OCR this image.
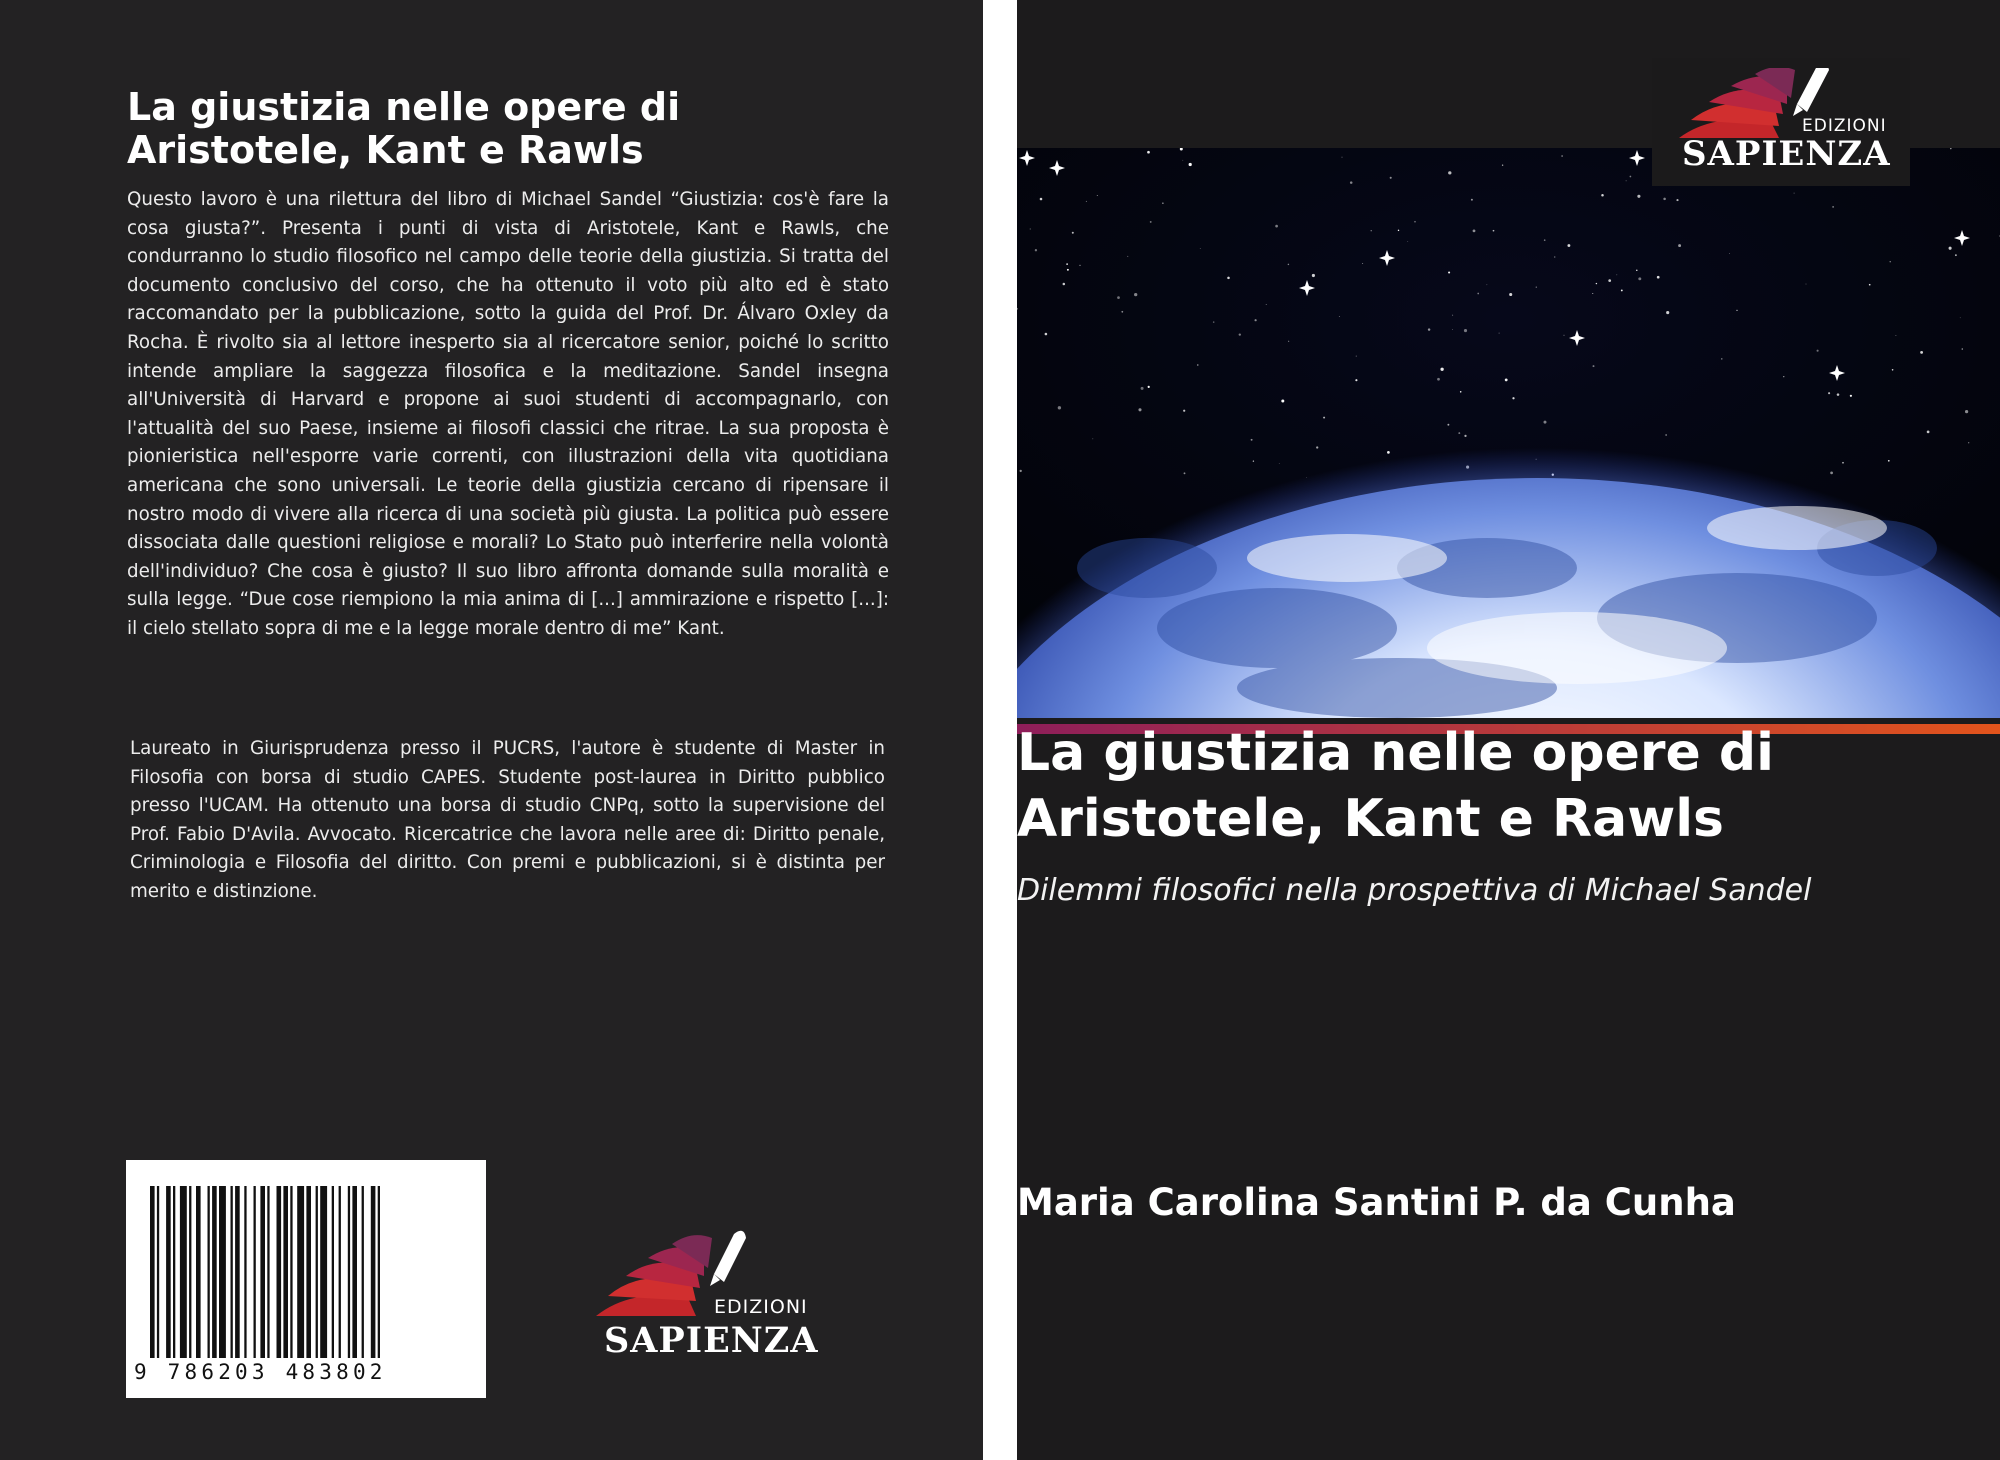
La giustizia nelle opere di Aristotele, Kant e Rawls

Questo lavoro è una rilettura del libro di Michael Sandel “Giustizia: cos'è fare la cosa giusta?”. Presenta i punti di vista di Aristotele, Kant e Rawls, che condurranno lo studio filosofico nel campo delle teorie della giustizia. Si tratta del documento conclusivo del corso, che ha ottenuto il voto più alto ed è stato raccomandato per la pubblicazione, sotto la guida del Prof. Dr. Álvaro Oxley da Rocha. È rivolto sia al lettore inesperto sia al ricercatore senior, poiché lo scritto intende ampliare la saggezza filosofica e la meditazione. Sandel insegna all'Università di Harvard e propone ai suoi studenti di accompagnarlo, con l'attualità del suo Paese, insieme ai filosofi classici che ritrae. La sua proposta è pionieristica nell'esporre varie correnti, con illustrazioni della vita quotidiana americana che sono universali. Le teorie della giustizia cercano di ripensare il nostro modo di vivere alla ricerca di una società più giusta. La politica può essere dissociata dalle questioni religiose e morali? Lo Stato può interferire nella volontà dell'individuo? Che cosa è giusto? Il suo libro affronta domande sulla moralità e sulla legge. “Due cose riempiono la mia anima di [...] ammirazione e rispetto [...]: il cielo stellato sopra di me e la legge morale dentro di me” Kant.

Laureato in Giurisprudenza presso il PUCRS, l'autore è studente di Master in Filosofia con borsa di studio CAPES. Studente post-laurea in Diritto pubblico presso l'UCAM. Ha ottenuto una borsa di studio CNPq, sotto la supervisione del Prof. Fabio D'Avila. Avvocato. Ricercatrice che lavora nelle aree di: Diritto penale, Criminologia e Filosofia del diritto. Con premi e pubblicazioni, si è distinta per merito e distinzione.

9 786203 483802
EDIZIONI
SAPIENZA
EDIZIONI
SAPIENZA
La giustizia nelle opere di
Aristotele, Kant e Rawls

Dilemmi filosofici nella prospettiva di Michael Sandel

Maria Carolina Santini P. da Cunha
